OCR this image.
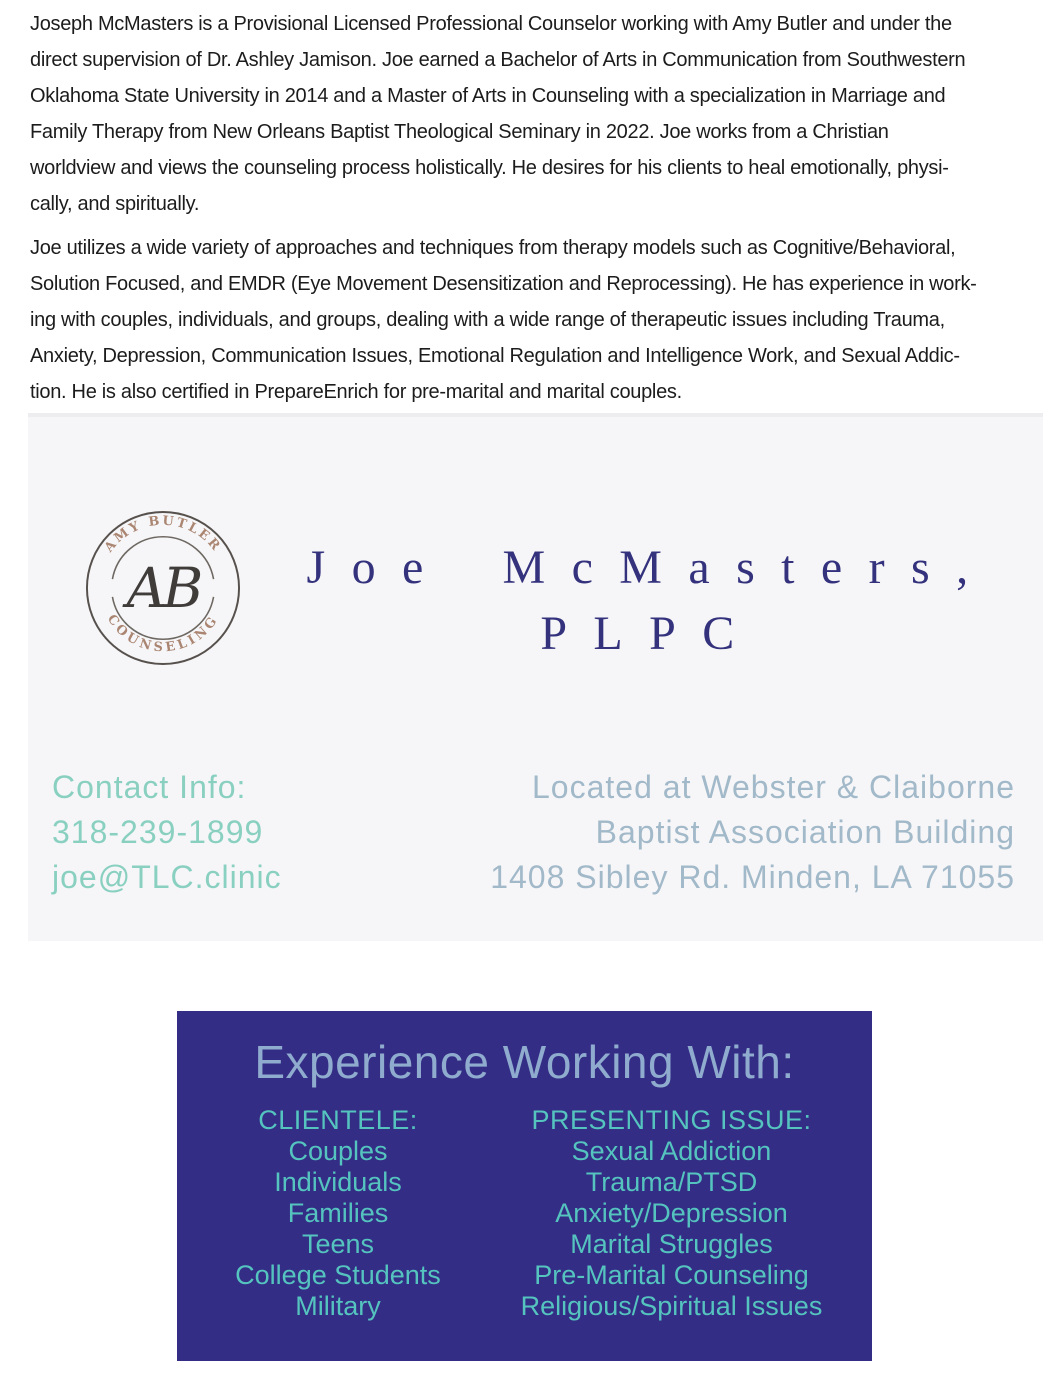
Joseph McMasters is a Provisional Licensed Professional Counselor working with Amy Butler and under the direct supervision of Dr. Ashley Jamison. Joe earned a Bachelor of Arts in Communication from Southwestern Oklahoma State University in 2014 and a Master of Arts in Counseling with a specialization in Marriage and Family Therapy from New Orleans Baptist Theological Seminary in 2022. Joe works from a Christian worldview and views the counseling process holistically. He desires for his clients to heal emotionally, physi- cally, and spiritually.

Joe utilizes a wide variety of approaches and techniques from therapy models such as Cognitive/Behavioral, Solution Focused, and EMDR (Eye Movement Desensitization and Reprocessing). He has experience in work- ing with couples, individuals, and groups, dealing with a wide range of therapeutic issues including Trauma, Anxiety, Depression, Communication Issues, Emotional Regulation and Intelligence Work, and Sexual Addic- tion. He is also certified in PrepareEnrich for pre-marital and marital couples.

AMY BUTLER
COUNSELING
AB	Joe McMasters,
PLPC
Contact Info:
318-239-1899
joe@TLC.clinic
Located at Webster & Claiborne
Baptist Association Building
1408 Sibley Rd. Minden, LA 71055
Experience Working With:
CLIENTELE:
Couples
Individuals
Families
Teens
College Students
Military
PRESENTING ISSUE:
Sexual Addiction
Trauma/PTSD
Anxiety/Depression
Marital Struggles
Pre-Marital Counseling
Religious/Spiritual Issues
